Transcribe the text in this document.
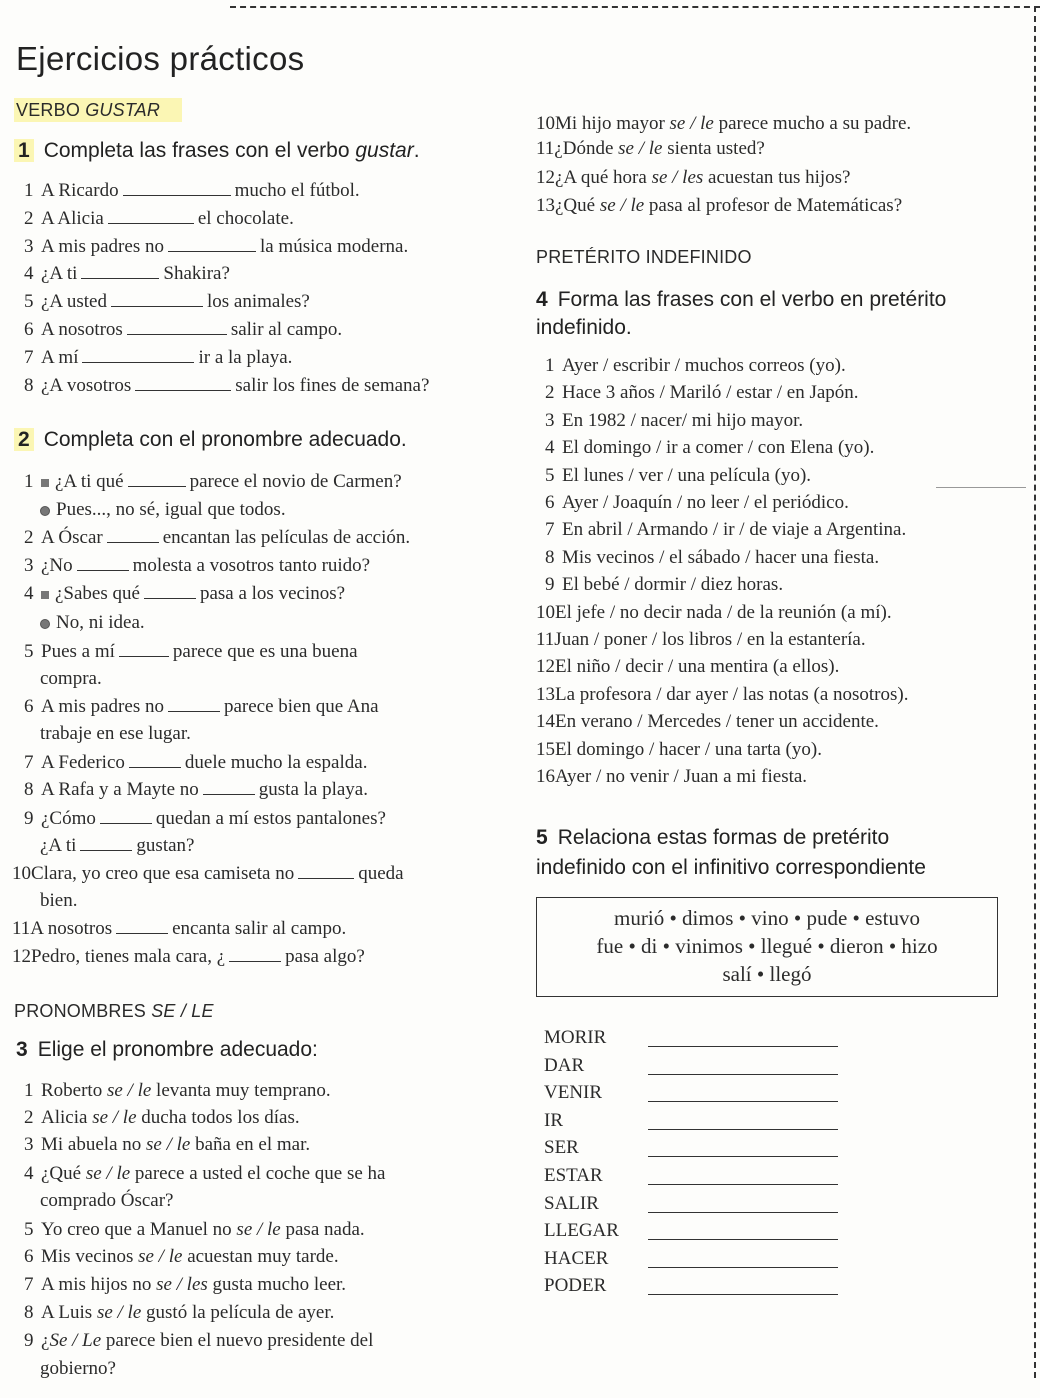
Ejercicios prácticos
VERBO GUSTAR
1 Completa las frases con el verbo gustar.
1 A Ricardo	mucho el fútbol.
2 A Alicia	el chocolate.
3 A mis padres no	la música moderna.
4 ¿A ti	Shakira?
5 ¿A usted	los animales?
6 A nosotros	salir al campo.
7 A mí	ir a la playa.
8 ¿A vosotros	salir los fines de semana?
2 Completa con el pronombre adecuado.
1 ¿A ti qué	parece el novio de Carmen?
Pues..., no sé, igual que todos.
2 A Óscar	encantan las películas de acción.
3 ¿No	molesta a vosotros tanto ruido?
4 ¿Sabes qué	pasa a los vecinos?
No, ni idea.
5 Pues a mí	parece que es una buena
compra.
6 A mis padres no	parece bien que Ana
trabaje en ese lugar.
7 A Federico	duele mucho la espalda.
8 A Rafa y a Mayte no	gusta la playa.
9 ¿Cómo	quedan a mí estos pantalones?
¿A ti	gustan?
10Clara, yo creo que esa camiseta no	queda
bien.
11A nosotros	encanta salir al campo.
12Pedro, tienes mala cara, ¿	pasa algo?
PRONOMBRES SE / LE
3 Elige el pronombre adecuado:
1 Roberto se / le levanta muy temprano.
2 Alicia se / le ducha todos los días.
3 Mi abuela no se / le baña en el mar.
4 ¿Qué se / le parece a usted el coche que se ha
comprado Óscar?
5 Yo creo que a Manuel no se / le pasa nada.
6 Mis vecinos se / le acuestan muy tarde.
7 A mis hijos no se / les gusta mucho leer.
8 A Luis se / le gustó la película de ayer.
9 ¿Se / Le parece bien el nuevo presidente del
gobierno?
10Mi hijo mayor se / le parece mucho a su padre.
11¿Dónde se / le sienta usted?
12¿A qué hora se / les acuestan tus hijos?
13¿Qué se / le pasa al profesor de Matemáticas?
PRETÉRITO INDEFINIDO
4 Forma las frases con el verbo en pretérito
indefinido.
1 Ayer / escribir / muchos correos (yo).
2 Hace 3 años / Mariló / estar / en Japón.
3 En 1982 / nacer/ mi hijo mayor.
4 El domingo / ir a comer / con Elena (yo).
5 El lunes / ver / una película (yo).
6 Ayer / Joaquín / no leer / el periódico.
7 En abril / Armando / ir / de viaje a Argentina.
8 Mis vecinos / el sábado / hacer una fiesta.
9 El bebé / dormir / diez horas.
10El jefe / no decir nada / de la reunión (a mí).
11Juan / poner / los libros / en la estantería.
12El niño / decir / una mentira (a ellos).
13La profesora / dar ayer / las notas (a nosotros).
14En verano / Mercedes / tener un accidente.
15El domingo / hacer / una tarta (yo).
16Ayer / no venir / Juan a mi fiesta.
5 Relaciona estas formas de pretérito
indefinido con el infinitivo correspondiente
murió • dimos • vino • pude • estuvo
fue • di • vinimos • llegué • dieron • hizo
salí • llegó
MORIR
DAR
VENIR
IR
SER
ESTAR
SALIR
LLEGAR
HACER
PODER
